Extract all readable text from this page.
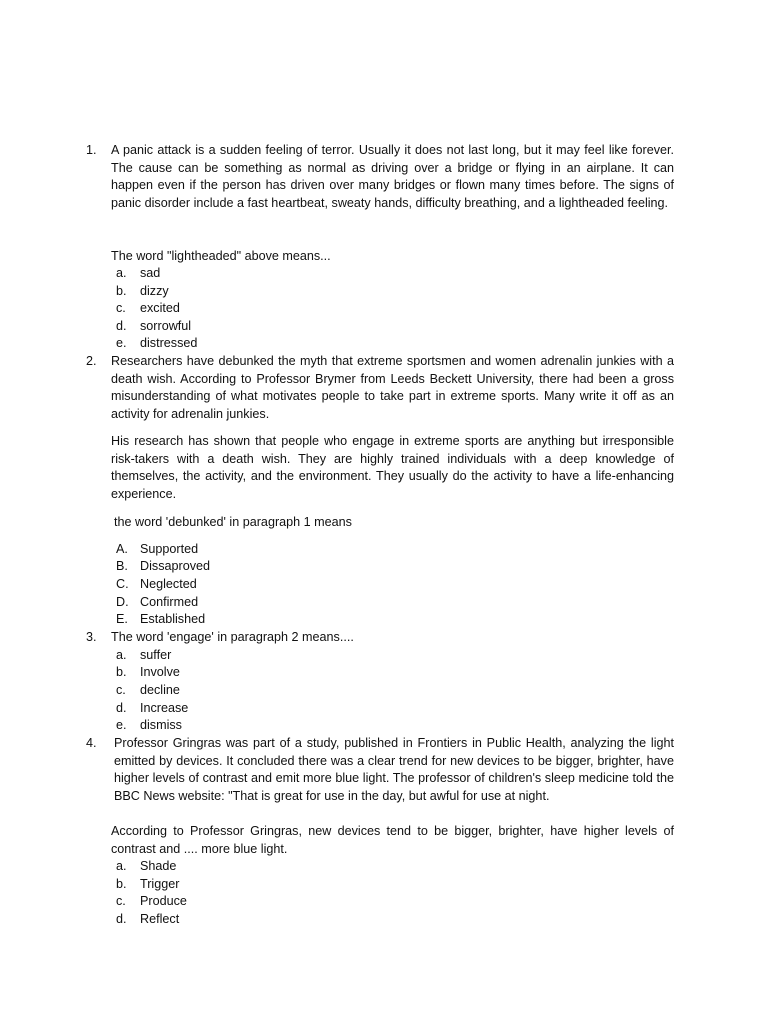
1.	A panic attack is a sudden feeling of terror. Usually it does not last long, but it may feel like forever. The cause can be something as normal as driving over a bridge or flying in an airplane. It can happen even if the person has driven over many bridges or flown many times before. The signs of panic disorder include a fast heartbeat, sweaty hands, difficulty breathing, and a lightheaded feeling.

The word "lightheaded" above means...

a. sad
b. dizzy
c. excited
d. sorrowful
e. distressed
2.	Researchers have debunked the myth that extreme sportsmen and women adrenalin junkies with a death wish. According to Professor Brymer from Leeds Beckett University, there had been a gross misunderstanding of what motivates people to take part in extreme sports. Many write it off as an activity for adrenalin junkies.

His research has shown that people who engage in extreme sports are anything but irresponsible risk-takers with a death wish. They are highly trained individuals with a deep knowledge of themselves, the activity, and the environment. They usually do the activity to have a life-enhancing experience.

the word 'debunked' in paragraph 1 means

A. Supported
B. Dissaproved
C. Neglected
D. Confirmed
E. Established
3.	The word 'engage' in paragraph 2 means....

a. suffer
b. Involve
c. decline
d. Increase
e. dismiss
4.	Professor Gringras was part of a study, published in Frontiers in Public Health, analyzing the light emitted by devices. It concluded there was a clear trend for new devices to be bigger, brighter, have higher levels of contrast and emit more blue light. The professor of children's sleep medicine told the BBC News website: "That is great for use in the day, but awful for use at night.

According to Professor Gringras, new devices tend to be bigger, brighter, have higher levels of contrast and .... more blue light.

a. Shade
b. Trigger
c. Produce
d. Reflect
